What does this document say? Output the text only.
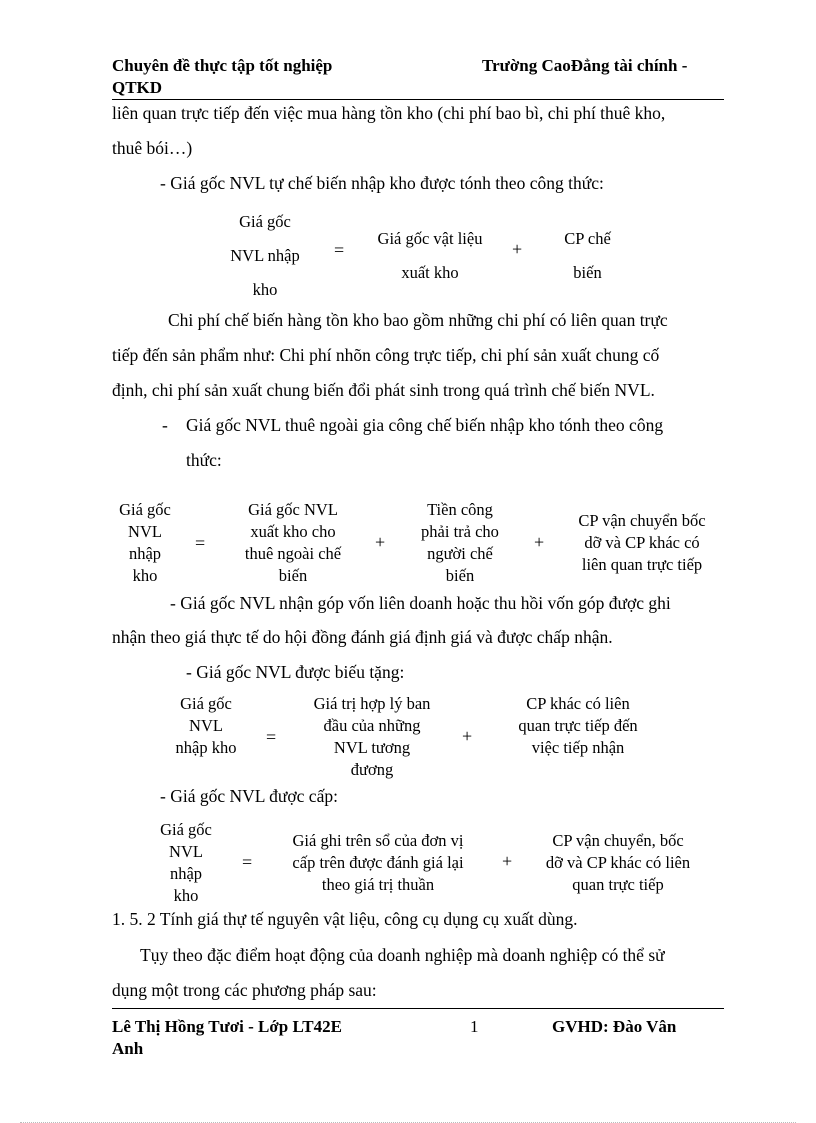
Chuyên đề thực tập tốt nghiệp	Trường CaoĐẳng tài chính -
QTKD
liên quan trực tiếp đến việc mua hàng tồn kho (chi phí bao bì, chi phí thuê kho,
thuê bói…)
- Giá gốc NVL tự chế biến nhập kho được tónh theo công thức:
Giá gốc
NVL nhập
kho
=
Giá gốc vật liệu
xuất kho
+
CP chế
biến
Chi phí chế biến hàng tồn kho bao gồm những chi phí có liên quan trực
tiếp đến sản phẩm như: Chi phí nhõn công trực tiếp, chi phí sản xuất chung cố
định, chi phí sản xuất chung biến đổi phát sinh trong quá trình chế biến NVL.
- Giá gốc NVL thuê ngoài gia công chế biến nhập kho tónh theo công
thức:
Giá gốc
NVL
nhập
kho
=
Giá gốc NVL
xuất kho cho
thuê ngoài chế
biến
+
Tiền công
phải trả cho
người chế
biến
+
CP vận chuyển bốc
dỡ và CP khác có
liên quan trực tiếp
- Giá gốc NVL nhận góp vốn liên doanh hoặc thu hồi vốn góp được ghi
nhận theo giá thực tế do hội đồng đánh giá định giá và được chấp nhận.
- Giá gốc NVL được biếu tặng:
Giá gốc
NVL
nhập kho
=
Giá trị hợp lý ban
đầu của những
NVL tương
đương
+
CP khác có liên
quan trực tiếp đến
việc tiếp nhận
- Giá gốc NVL được cấp:
Giá gốc
NVL
nhập
kho
=
Giá ghi trên sổ của đơn vị
cấp trên được đánh giá lại
theo giá trị thuần
+
CP vận chuyển, bốc
dỡ và CP khác có liên
quan trực tiếp
1. 5. 2 Tính giá thự tế nguyên vật liệu, công cụ dụng cụ xuất dùng.
Tụy theo đặc điểm hoạt động của doanh nghiệp mà doanh nghiệp có thể sử
dụng một trong các phương pháp sau:
Lê Thị Hồng Tươi - Lớp LT42E	1	GVHD: Đào Vân
Anh
